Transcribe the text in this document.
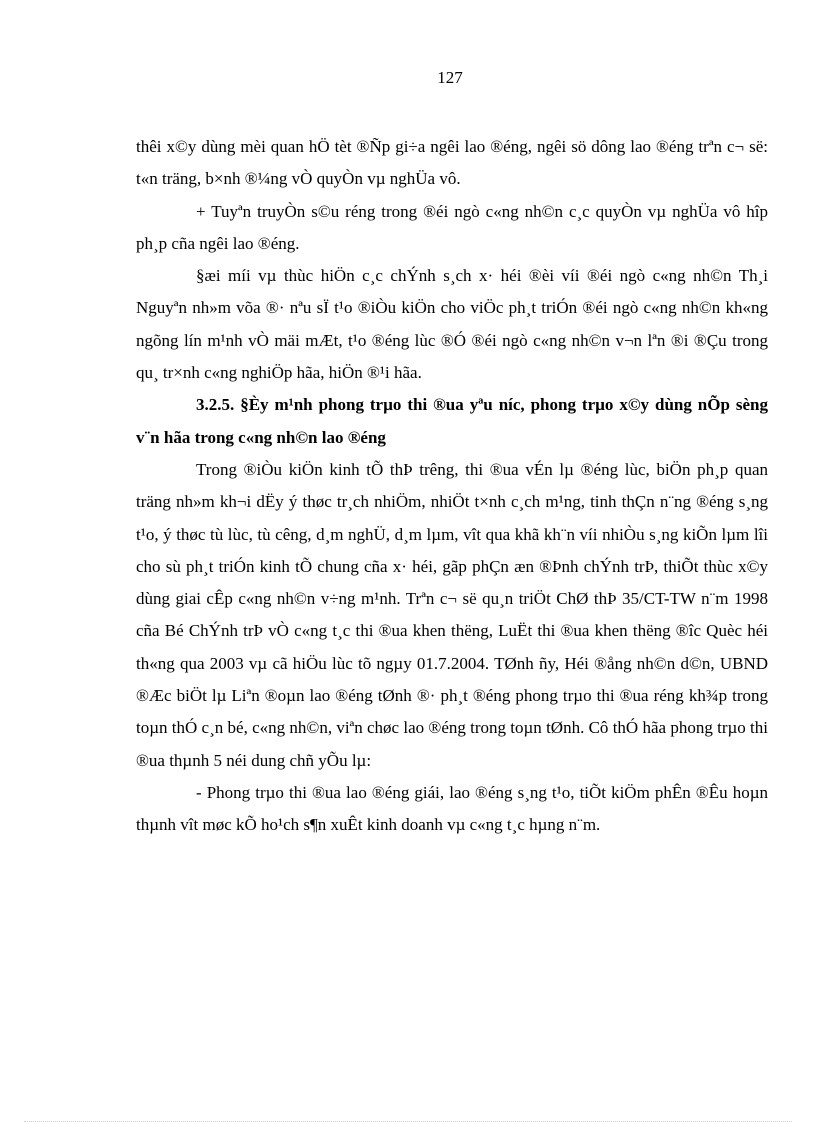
127

thêi x©y dùng mèi quan hÖ tèt ®Ñp gi÷a ngêi lao ®éng, ngêi sö dông lao ®éng trªn c¬ së: t«n träng, b×nh ®¼ng vÒ quyÒn vµ nghÜa vô.

+ Tuyªn truyÒn s©u réng trong ®éi ngò c«ng nh©n c¸c quyÒn vµ nghÜa vô hîp ph¸p cña ngêi lao ®éng.

§æi míi vµ thùc hiÖn c¸c chÝnh s¸ch x· héi ®èi víi ®éi ngò c«ng nh©n Th¸i Nguyªn nh»m võa ®· nªu sÏ t¹o ®iÒu kiÖn cho viÖc ph¸t triÓn ®éi ngò c«ng nh©n kh«ng ngõng lín m¹nh vÒ mäi mÆt, t¹o ®éng lùc ®Ó ®éi ngò c«ng nh©n v¬n lªn ®i ®Çu trong qu¸ tr×nh c«ng nghiÖp hãa, hiÖn ®¹i hãa.

3.2.5. §Èy m¹nh phong trµo thi ®ua yªu níc, phong trµo x©y dùng nÕp sèng v¨n hãa trong c«ng nh©n lao ®éng

Trong ®iÒu kiÖn kinh tÕ thÞ trêng, thi ®ua vÉn lµ ®éng lùc, biÖn ph¸p quan träng nh»m kh¬i dËy ý thøc tr¸ch nhiÖm, nhiÖt t×nh c¸ch m¹ng, tinh thÇn n¨ng ®éng s¸ng t¹o, ý thøc tù lùc, tù cêng, d¸m nghÜ, d¸m lµm, vît qua khã kh¨n víi nhiÒu s¸ng kiÕn lµm lîi cho sù ph¸t triÓn kinh tÕ chung cña x· héi, gãp phÇn æn ®Þnh chÝnh trÞ, thiÕt thùc x©y dùng giai cÊp c«ng nh©n v÷ng m¹nh. Trªn c¬ së qu¸n triÖt ChØ thÞ 35/CT-TW n¨m 1998 cña Bé ChÝnh trÞ vÒ c«ng t¸c thi ®ua khen thëng, LuËt thi ®ua khen thëng ®îc Quèc héi th«ng qua 2003 vµ cã hiÖu lùc tõ ngµy 01.7.2004. TØnh ñy, Héi ®ång nh©n d©n, UBND ®Æc biÖt lµ Liªn ®oµn lao ®éng tØnh ®· ph¸t ®éng phong trµo thi ®ua réng kh¾p trong toµn thÓ c¸n bé, c«ng nh©n, viªn chøc lao ®éng trong toµn tØnh. Cô thÓ hãa phong trµo thi ®ua thµnh 5 néi dung chñ yÕu lµ:

- Phong trµo thi ®ua lao ®éng giái, lao ®éng s¸ng t¹o, tiÕt kiÖm phÊn ®Êu hoµn thµnh vît møc kÕ ho¹ch s¶n xuÊt kinh doanh vµ c«ng t¸c hµng n¨m.
